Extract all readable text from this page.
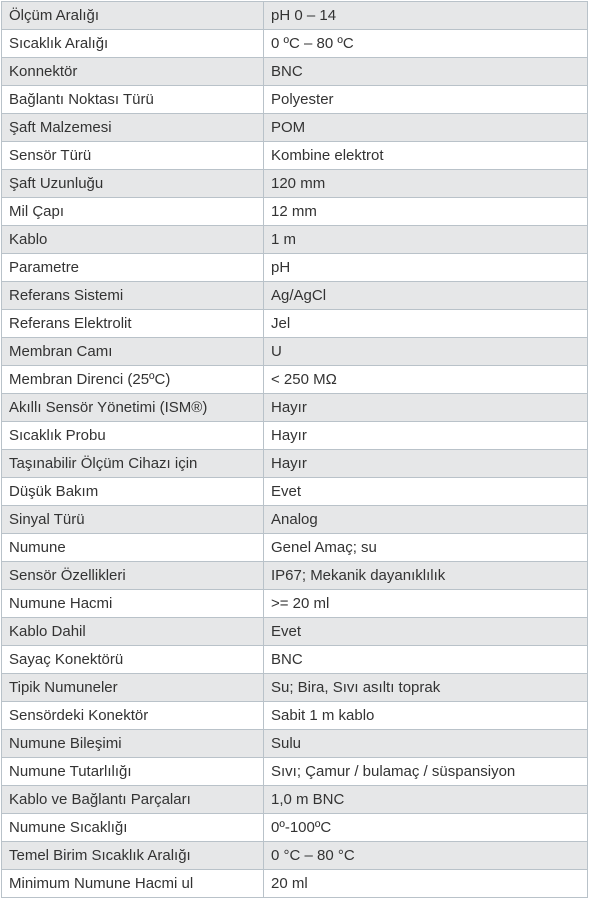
Ölçüm Aralığı	pH 0 – 14
Sıcaklık Aralığı	0 ºC – 80 ºC
Konnektör	BNC
Bağlantı Noktası Türü	Polyester
Şaft Malzemesi	POM
Sensör Türü	Kombine elektrot
Şaft Uzunluğu	120 mm
Mil Çapı	12 mm
Kablo	1 m
Parametre	pH
Referans Sistemi	Ag/AgCl
Referans Elektrolit	Jel
Membran Camı	U
Membran Direnci (25ºC)	< 250 MΩ
Akıllı Sensör Yönetimi (ISM®)	Hayır
Sıcaklık Probu	Hayır
Taşınabilir Ölçüm Cihazı için	Hayır
Düşük Bakım	Evet
Sinyal Türü	Analog
Numune	Genel Amaç; su
Sensör Özellikleri	IP67; Mekanik dayanıklılık
Numune Hacmi	>= 20 ml
Kablo Dahil	Evet
Sayaç Konektörü	BNC
Tipik Numuneler	Su; Bira, Sıvı asıltı toprak
Sensördeki Konektör	Sabit 1 m kablo
Numune Bileşimi	Sulu
Numune Tutarlılığı	Sıvı; Çamur / bulamaç / süspansiyon
Kablo ve Bağlantı Parçaları	1,0 m BNC
Numune Sıcaklığı	0º-100ºC
Temel Birim Sıcaklık Aralığı	0 °C – 80 °C
Minimum Numune Hacmi ul	20 ml
